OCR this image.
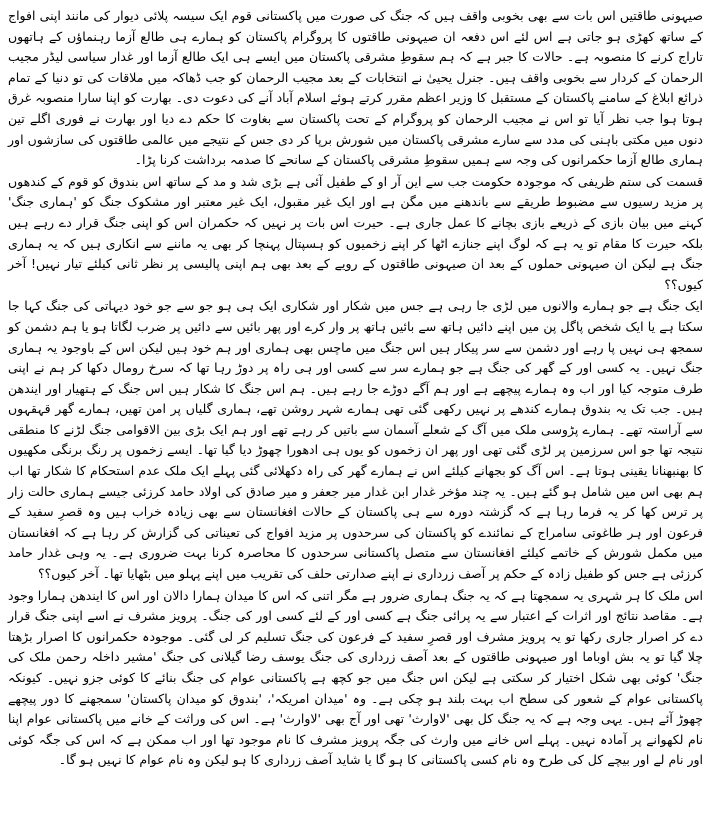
صیہونی طاقتیں اس بات سے بھی بخوبی واقف ہیں کہ جنگ کی صورت میں پاکستانی قوم ایک سیسہ پلائی دیوار کی مانند اپنی افواج کے ساتھ کھڑی ہو جاتی ہے اس لئے اس دفعہ ان صیہونی طاقتوں کا پروگرام پاکستان کو ہمارے ہی طالع آزما رہنماؤں کے ہاتھوں تاراج کرنے کا منصوبہ ہے۔ حالات کا جبر ہے کہ ہم سقوطِ مشرقی پاکستان میں ایسے ہی ایک طالع آزما اور غدار سیاسی لیڈر مجیب الرحمان کے کردار سے بخوبی واقف ہیں۔ جنرل یحییٰ نے انتخابات کے بعد مجیب الرحمان کو جب ڈھاکہ میں ملاقات کی تو دنیا کے تمام ذرائع ابلاغ کے سامنے پاکستان کے مستقبل کا وزیر اعظم مقرر کرتے ہوئے اسلام آباد آنے کی دعوت دی۔ بھارت کو اپنا سارا منصوبہ غرق ہوتا ہوا جب نظر آیا تو اس نے مجیب الرحمان کو پروگرام کے تحت پاکستان سے بغاوت کا حکم دے دیا اور بھارت نے فوری اگلے تین دنوں میں مکتی باہنی کی مدد سے سارے مشرقی پاکستان میں شورش برپا کر دی جس کے نتیجے میں عالمی طاقتوں کی سازشوں اور ہماری طالع آزما حکمرانوں کی وجہ سے ہمیں سقوطِ مشرقی پاکستان کے سانحے کا صدمہ برداشت کرنا پڑا۔

قسمت کی ستم ظریفی کہ موجودہ حکومت جب سے این آر او کے طفیل آئی ہے بڑی شد و مد کے ساتھ اس بندوق کو قوم کے کندھوں پر مزید رسیوں سے مضبوط طریقے سے باندھنے میں مگن ہے اور ایک غیر مقبول، ایک غیر معتبر اور مشکوک جنگ کو 'ہماری جنگ' کہنے میں بیان بازی کے ذریعے بازی بچانے کا عمل جاری ہے۔ حیرت اس بات پر نہیں کہ حکمران اس کو اپنی جنگ قرار دے رہے ہیں بلکہ حیرت کا مقام تو یہ ہے کہ لوگ اپنے جنازے اٹھا کر اپنے زخمیوں کو ہسپتال پہنچا کر بھی یہ ماننے سے انکاری ہیں کہ یہ ہماری جنگ ہے لیکن ان صیہونی حملوں کے بعد ان صیہونی طاقتوں کے رویے کے بعد بھی ہم اپنی پالیسی پر نظر ثانی کیلئے تیار نہیں! آخر کیوں؟؟

ایک جنگ ہے جو ہمارے والانوں میں لڑی جا رہی ہے جس میں شکار اور شکاری ایک ہی ہو جو سے جو خود دیہاتی کی جنگ کہا جا سکتا ہے یا ایک شخص پاگل پن میں اپنے دائیں ہاتھ سے بائیں ہاتھ پر وار کرے اور پھر بائیں سے دائیں پر ضرب لگاتا ہو یا ہم دشمن کو سمجھ ہی نہیں پا رہے اور دشمن سے سر پیکار ہیں اس جنگ میں ماچس بھی ہماری اور ہم خود ہیں لیکن اس کے باوجود یہ ہماری جنگ نہیں۔ یہ کسی اور کے گھر کی جنگ ہے جو ہمارے سر سے کسی اور ہی راہ پر دوڑ رہا تھا کہ سرخ رومال دکھا کر ہم نے اپنی طرف متوجہ کیا اور اب وہ ہمارے پیچھے ہے اور ہم آگے دوڑے جا رہے ہیں۔ ہم اس جنگ کا شکار ہیں اس جنگ کے ہتھیار اور ایندھن ہیں۔ جب تک یہ بندوق ہمارے کندھے پر نہیں رکھی گئی تھی ہمارے شہر روشن تھے، ہماری گلیاں پر امن تھیں، ہمارے گھر قہقہوں سے آراستہ تھے۔ ہمارے پڑوسی ملک میں آگ کے شعلے آسمان سے باتیں کر رہے تھے اور ہم ایک بڑی بین الاقوامی جنگ لڑنے کا منطقی نتیجہ تھا جو اس سرزمین پر لڑی گئی تھی اور پھر ان زخموں کو یوں ہی ادھورا چھوڑ دیا گیا تھا۔ ایسے زخموں پر رنگ برنگی مکھیوں کا بھنبھنانا یقینی ہوتا ہے۔ اس آگ کو بجھانے کیلئے اس نے ہمارے گھر کی راہ دکھلائی گئی پہلے ایک ملک عدم استحکام کا شکار تھا اب ہم بھی اس میں شامل ہو گئے ہیں۔ یہ چند مؤخر غدار ابن غدار میر جعفر و میر صادق کی اولاد حامد کرزئی جیسے ہماری حالت زار پر ترس کھا کر یہ فرما رہا ہے کہ گزشتہ دورہ سے ہی پاکستان کے حالات افغانستان سے بھی زیادہ خراب ہیں وہ قصرِ سفید کے فرعون اور ہر طاغوتی سامراج کے نمائندے کو پاکستان کی سرحدوں پر مزید افواج کی تعیناتی کی گزارش کر رہا ہے کہ افغانستان میں مکمل شورش کے خاتمے کیلئے افغانستان سے متصل پاکستانی سرحدوں کا محاصرہ کرنا بہت ضروری ہے۔ یہ وہی غدار حامد کرزئی ہے جس کو طفیل زادہ کے حکم پر آصف زرداری نے اپنے صدارتی حلف کی تقریب میں اپنے پہلو میں بٹھایا تھا۔ آخر کیوں؟؟

اس ملک کا ہر شہری یہ سمجھتا ہے کہ یہ جنگ ہماری ضرور ہے مگر اتنی کہ اس کا میدان ہمارا دالان اور اس کا ایندھن ہمارا وجود ہے۔ مقاصد نتائج اور اثرات کے اعتبار سے یہ پرائی جنگ ہے کسی اور کے لئے کسی اور کی جنگ۔ پرویز مشرف نے اسے اپنی جنگ قرار دے کر اصرار جاری رکھا تو یہ پرویز مشرف اور قصرِ سفید کے فرعون کی جنگ تسلیم کر لی گئی۔ موجودہ حکمرانوں کا اصرار بڑھتا چلا گیا تو یہ بش اوباما اور صیہونی طاقتوں کے بعد آصف زرداری کی جنگ یوسف رضا گیلانی کی جنگ 'مشیر داخلہ رحمن ملک کی جنگ' کوئی بھی شکل اختیار کر سکتی ہے لیکن اس جنگ میں جو کچھ ہے پاکستانی عوام کی جنگ بنائے کا کوئی جزو نہیں۔ کیونکہ پاکستانی عوام کے شعور کی سطح اب بہت بلند ہو چکی ہے۔ وہ 'میدان امریکہ'، 'بندوق کو میدان پاکستان' سمجھنے کا دور پیچھے چھوڑ آئے ہیں۔ یہی وجہ ہے کہ یہ جنگ کل بھی 'لاوارث' تھی اور آج بھی 'لاوارث' ہے۔ اس کی وراثت کے خانے میں پاکستانی عوام اپنا نام لکھوانے پر آمادہ نہیں۔ پہلے اس خانے میں وارث کی جگہ پرویز مشرف کا نام موجود تھا اور اب ممکن ہے کہ اس کی جگہ کوئی اور نام لے اور بیچے کل کی طرح وہ نام کسی پاکستانی کا ہو گا یا شاید آصف زرداری کا ہو لیکن وہ نام عوام کا نہیں ہو گا۔
